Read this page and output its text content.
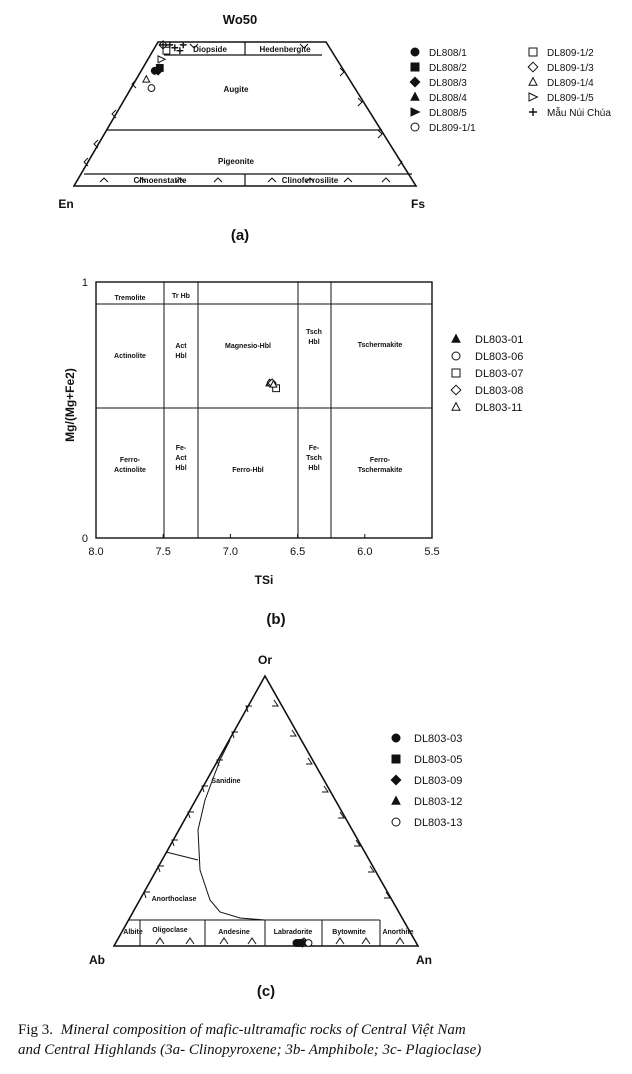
Wo50
Diopside	Hedenbergite
Augite
Pigeonite
Clinoenstatite	Clinoferrosilite
En	Fs
(a)
DL808/1
DL808/2
DL808/3
DL808/4
DL808/5
DL809-1/1
DL809-1/2
DL809-1/3
DL809-1/4
DL809-1/5
Mẫu Núi Chúa
Tremolite	Tr Hb
Actinolite
Act
Hbl
Magnesio-Hbl
Tsch
Hbl	Tschermakite
Ferro-
Actinolite
Fe-
Act
Hbl	Ferro-Hbl
Fe-
Tsch
Hbl
Ferro-
Tschermakite
8.0	7.5	7.0	6.5	6.0	5.5
0
1
TSi
Mg/(Mg+Fe2)
(b)
DL803-01
DL803-06
DL803-07
DL803-08
DL803-11
Sanidine
Anorthoclase
Albite Oligoclase	Andesine	Labradorite	Bytownite Anorthite
Or
Ab	An
(c)
DL803-03
DL803-05
DL803-09
DL803-12
DL803-13
Fig 3. Mineral composition of mafic-ultramafic rocks of Central Việt Nam
and Central Highlands (3a- Clinopyroxene; 3b- Amphibole; 3c- Plagioclase)
